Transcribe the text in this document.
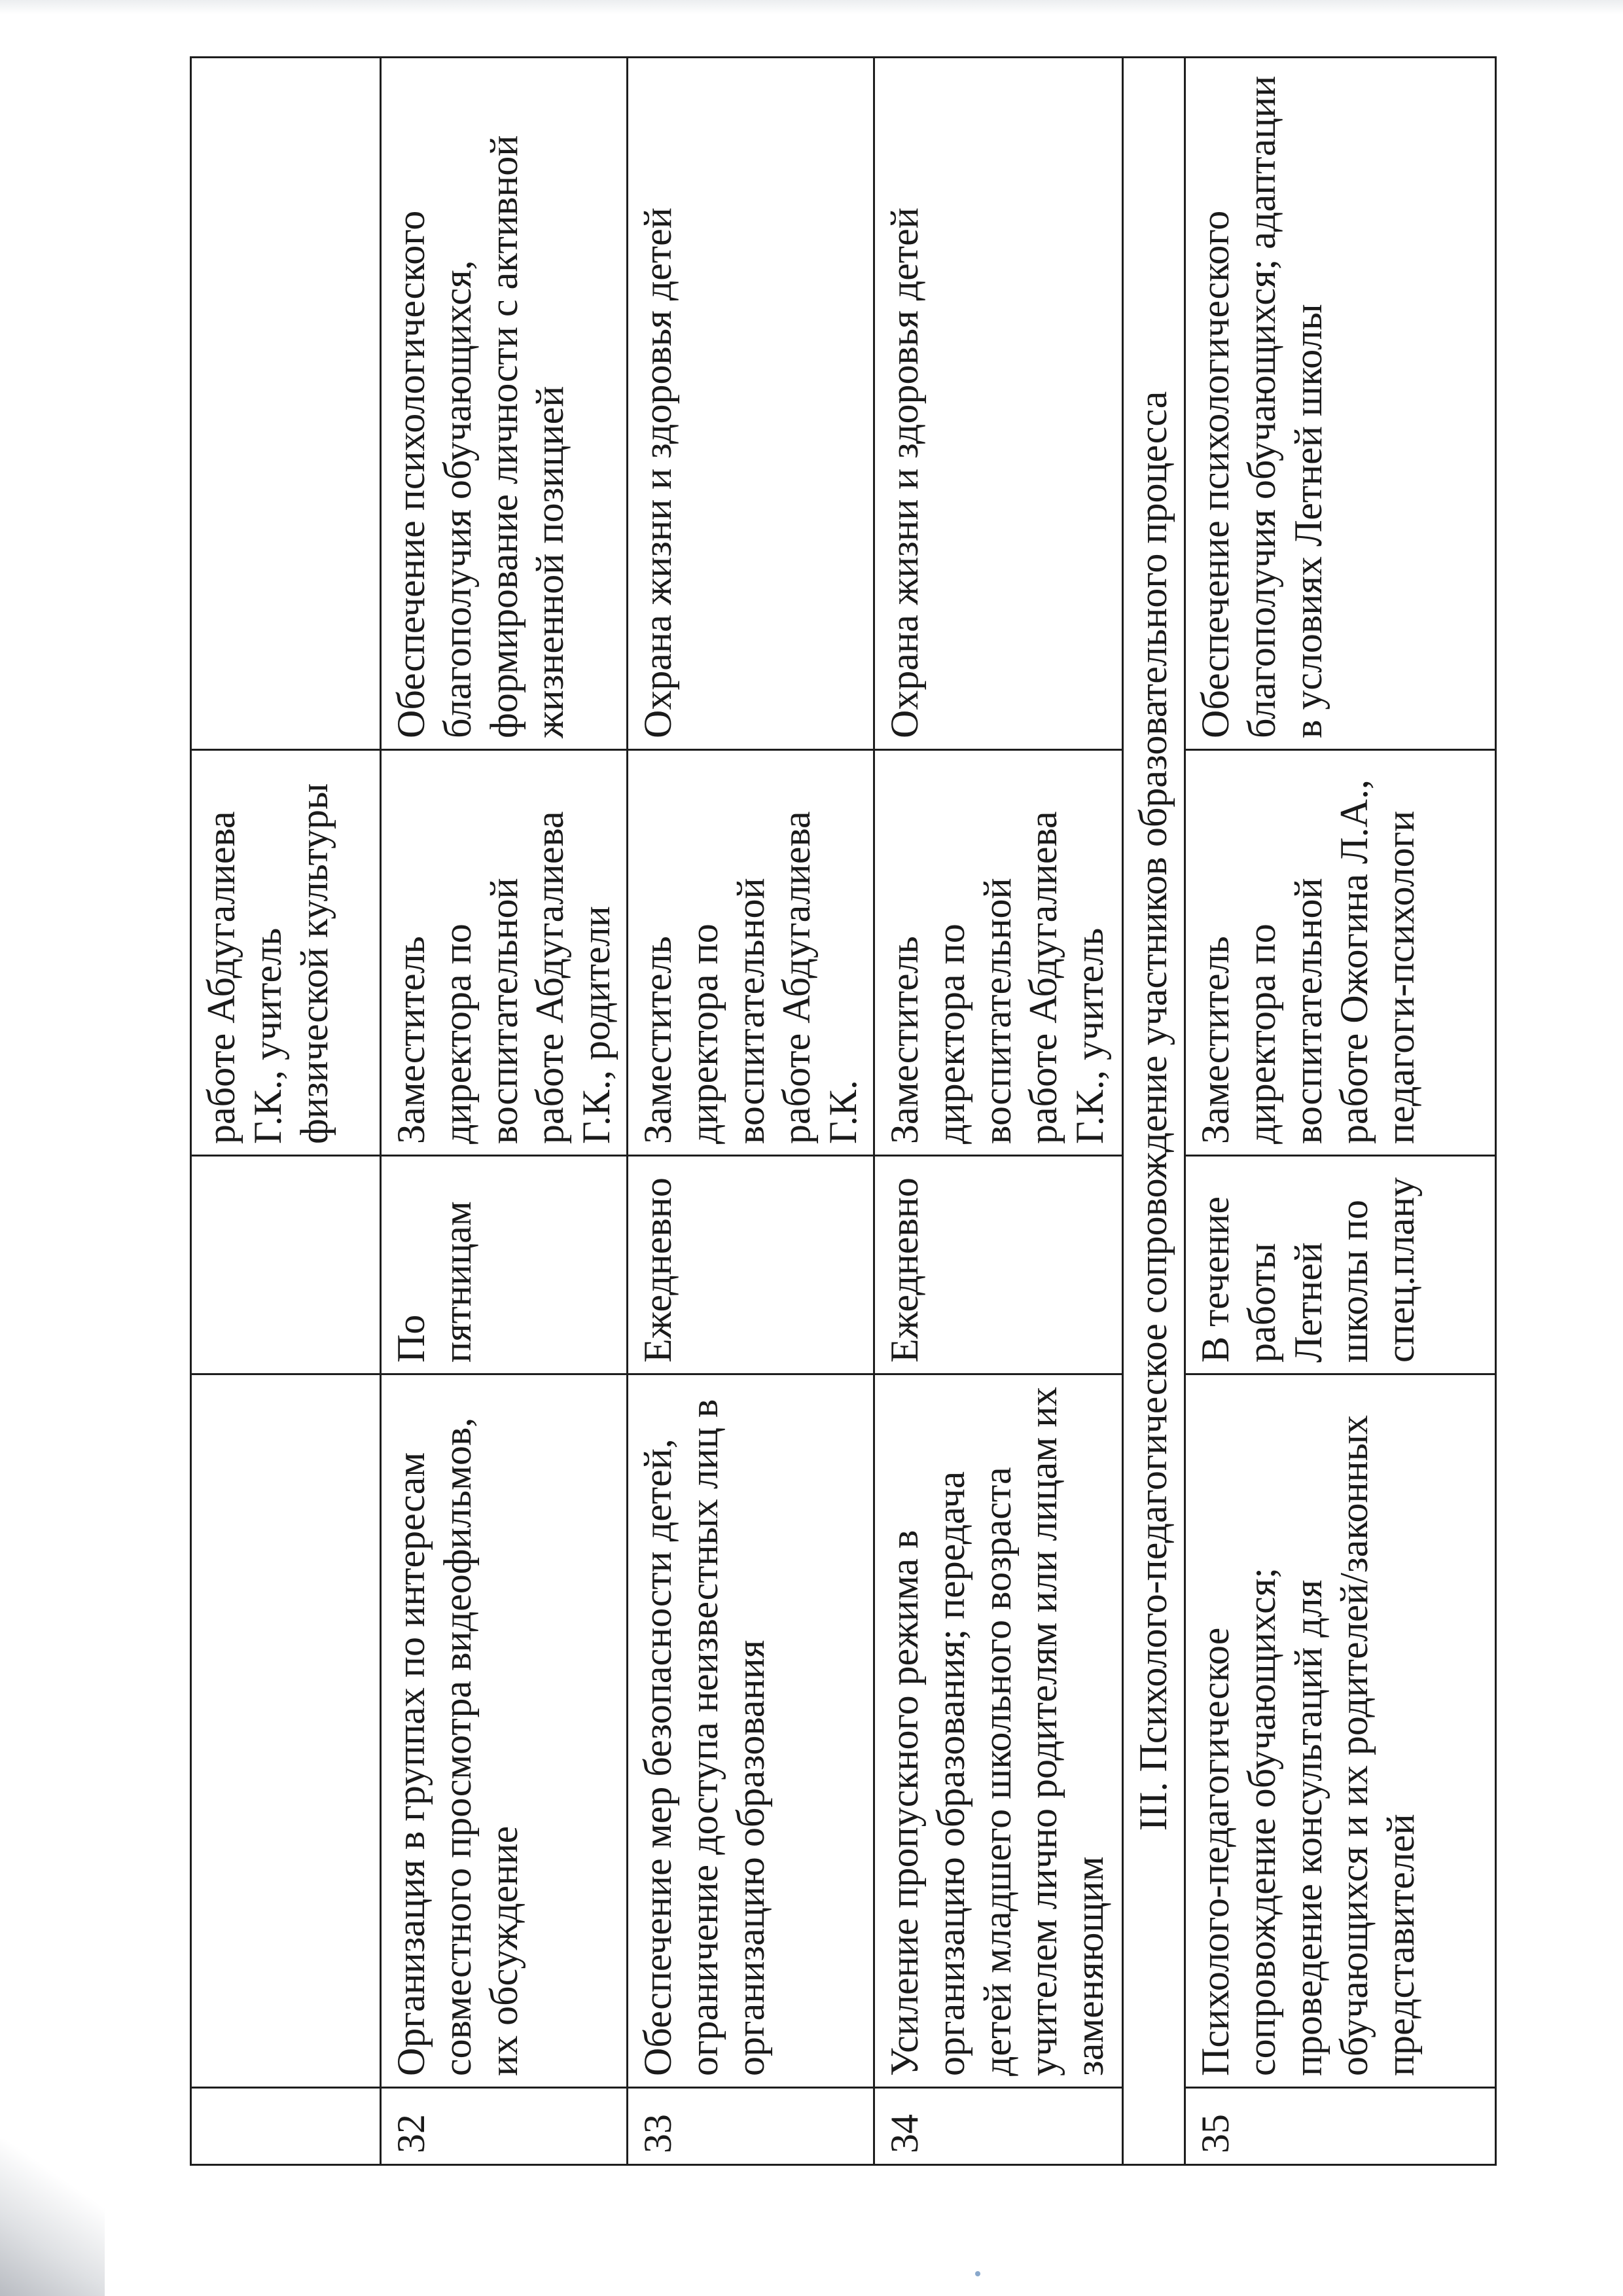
			работе Абдугалиева Г.К., учитель физической культуры	
32	Организация в группах по интересам совместного просмотра видеофильмов, их обсуждение	По пятницам	Заместитель директора по воспитательной работе Абдугалиева Г.К., родители	Обеспечение психологического благополучия обучающихся, формирование личности с активной жизненной позицией
33	Обеспечение мер безопасности детей, ограничение доступа неизвестных лиц в организацию образования	Ежедневно	Заместитель директора по воспитательной работе Абдугалиева Г.К.	Охрана жизни и здоровья детей
34	Усиление пропускного режима в организацию образования; передача детей младшего школьного возраста учителем лично родителям или лицам их заменяющим	Ежедневно	Заместитель директора по воспитательной работе Абдугалиева Г.К., учитель	Охрана жизни и здоровья детей
III. Психолого-педагогическое сопровождение участников образовательного процесса				
35	Психолого-педагогическое сопровождение обучающихся; проведение консультаций для обучающихся и их родителей/законных представителей	В течение работы Летней школы по спец.плану	Заместитель директора по воспитательной работе Ожогина Л.А., педагоги-психологи	Обеспечение психологического благополучия обучающихся; адаптации в условиях Летней школы
